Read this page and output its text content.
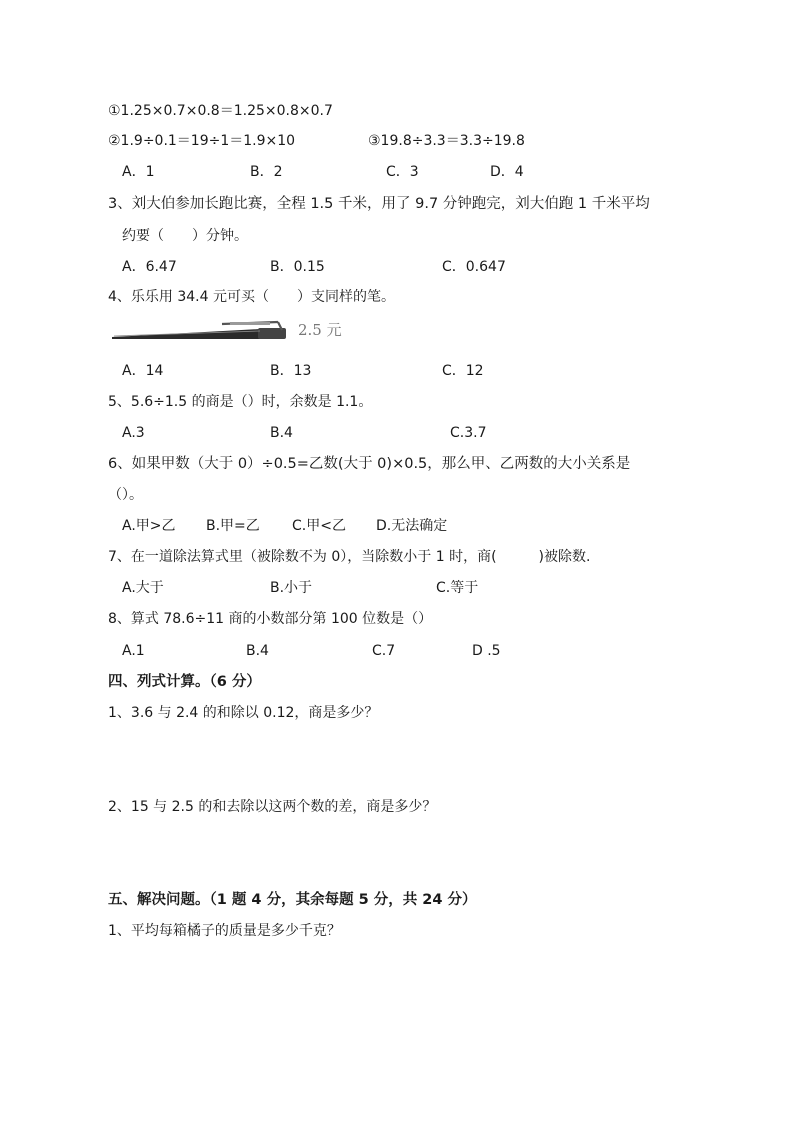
①1.25×0.7×0.8＝1.25×0.8×0.7
②1.9÷0.1＝19÷1＝1.9×10	③19.8÷3.3＝3.3÷19.8
A．1	B．2	C．3	D．4
3、刘大伯参加长跑比赛，全程 1.5 千米，用了 9.7 分钟跑完，刘大伯跑 1 千米平均
约要（　　）分钟。
A．6.47	B．0.15	C．0.647
4、乐乐用 34.4 元可买（　　）支同样的笔。
2.5 元
A．14	B．13	C．12
5、5.6÷1.5 的商是（）时，余数是 1.1。
A.3	B.4	C.3.7
6、如果甲数（大于 0）÷0.5=乙数(大于 0)×0.5，那么甲、乙两数的大小关系是
（）。
A.甲>乙 B.甲=乙 C.甲<乙 D.无法确定
7、在一道除法算式里（被除数不为 0），当除数小于 1 时，商(　　　)被除数.
A.大于	B.小于	C.等于
8、算式 78.6÷11 商的小数部分第 100 位数是（）
A.1	B.4	C.7	D .5
四、列式计算。（6 分）
1、3.6 与 2.4 的和除以 0.12，商是多少？
2、15 与 2.5 的和去除以这两个数的差，商是多少？
五、解决问题。（1 题 4 分，其余每题 5 分，共 24 分）
1、平均每箱橘子的质量是多少千克？
